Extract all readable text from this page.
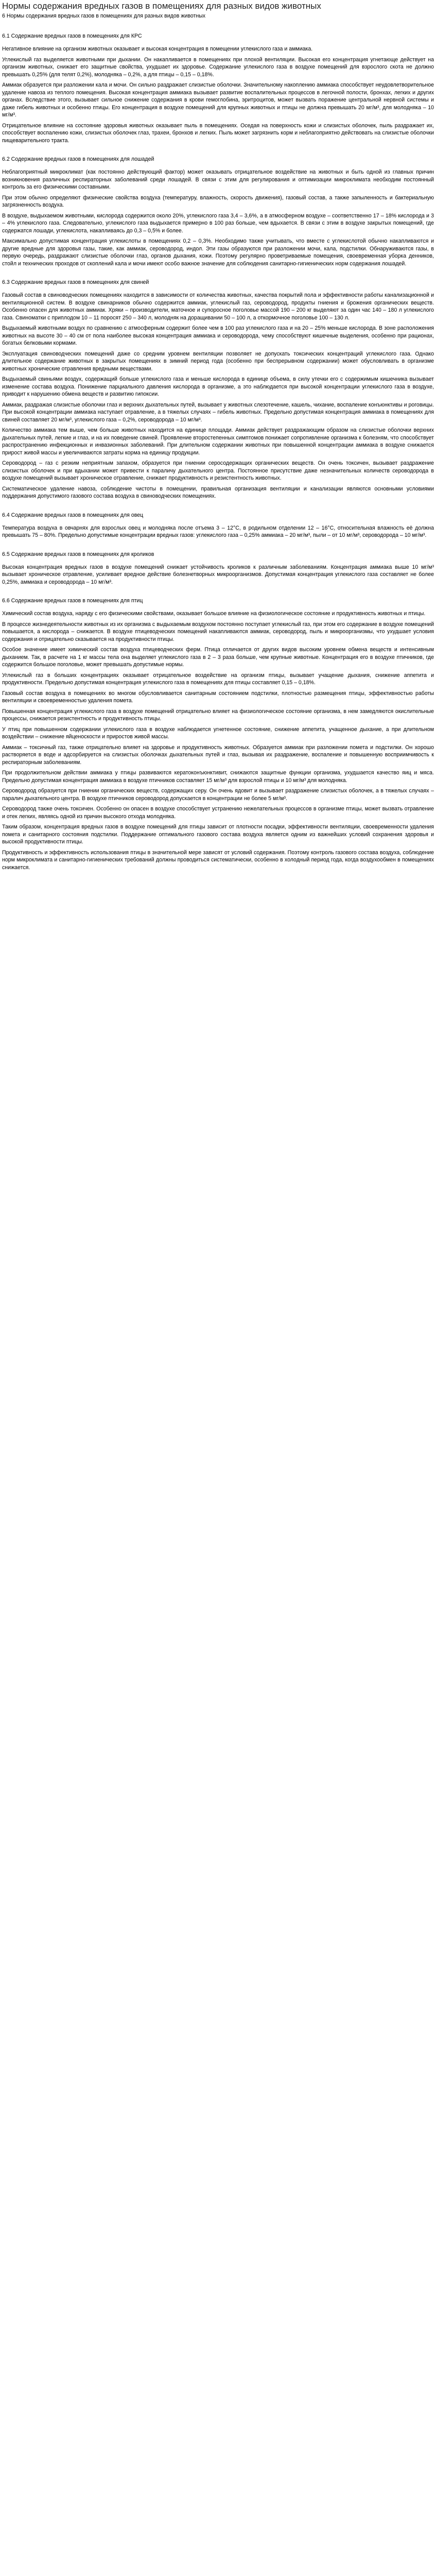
Нормы содержания вредных газов в помещениях для разных видов животных
6 Нормы содержания вредных газов в помещениях для разных видов животных
6.1 Содержание вредных газов в помещениях для КРС

Негативное влияние на организм животных оказывает и высокая концентрация в помещении углекислого газа и аммиака.

Углекислый газ выделяется животными при дыхании. Он накапливается в помещениях при плохой вентиляции. Высокая его концентрация угнетающе действует на организм животных, снижает его защитные свойства, ухудшает их здоровье. Содержание углекислого газа в воздухе помещений для взрослого скота не должно превышать 0,25% (для телят 0,2%), молодняка – 0,2%, а для птицы – 0,15 – 0,18%.

Аммиак образуется при разложении кала и мочи. Он сильно раздражает слизистые оболочки. Значительному накоплению аммиака способствует неудовлетворительное удаление навоза из теплого помещения. Высокая концентрация аммиака вызывает развитие воспалительных процессов в легочной полости, бронхах, легких и других органах. Вследствие этого, вызывает сильное снижение содержания в крови гемоглобина, эритроцитов, может вызвать поражение центральной нервной системы и даже гибель животных и особенно птицы. Его концентрация в воздухе помещений для крупных животных и птицы не должна превышать 20 мг/м³, для молодняка – 10 мг/м³.

Отрицательное влияние на состояние здоровья животных оказывает пыль в помещениях. Оседая на поверхность кожи и слизистых оболочек, пыль раздражает их, способствует воспалению кожи, слизистых оболочек глаз, трахеи, бронхов и легких. Пыль может загрязнить корм и неблагоприятно действовать на слизистые оболочки пищеварительного тракта.

6.2 Содержание вредных газов в помещениях для лошадей

Неблагоприятный микроклимат (как постоянно действующий фактор) может оказывать отрицательное воздействие на животных и быть одной из главных причин возникновения различных респираторных заболеваний среди лошадей. В связи с этим для регулирования и оптимизации микроклимата необходим постоянный контроль за его физическими составными.

При этом обычно определяют физические свойства воздуха (температуру, влажность, скорость движения), газовый состав, а также запыленность и бактериальную загрязненность воздуха.

В воздухе, выдыхаемом животными, кислорода содержится около 20%, углекислого газа 3,4 – 3,6%, а в атмосферном воздухе – соответственно 17 – 18% кислорода и 3 – 4% углекислого газа. Следовательно, углекислого газа выдыхается примерно в 100 раз больше, чем вдыхается. В связи с этим в воздухе закрытых помещений, где содержатся лошади, углекислота, накапливаясь до 0,3 – 0,5% и более.

Максимально допустимая концентрация углекислоты в помещениях 0,2 – 0,3%. Необходимо также учитывать, что вместе с углекислотой обычно накапливаются и другие вредные для здоровья газы, такие, как аммиак, сероводород, индол. Эти газы образуются при разложении мочи, кала, подстилки. Обнаруживаются газы, в первую очередь, раздражают слизистые оболочки глаз, органов дыхания, кожи. Поэтому регулярно проветриваемые помещения, своевременная уборка денников, стойл и технических проходов от скоплений кала и мочи имеют особо важное значение для соблюдения санитарно-гигиенических норм содержания лошадей.

6.3 Содержание вредных газов в помещениях для свиней

Газовый состав в свиноводческих помещениях находится в зависимости от количества животных, качества покрытий пола и эффективности работы канализационной и вентиляционной систем. В воздухе свинарников обычно содержится аммиак, углекислый газ, сероводород, продукты гниения и брожения органических веществ. Особенно опасен для животных аммиак. Хряки – производители, маточное и супоросное поголовье массой 190 – 200 кг выделяют за один час 140 – 180 л углекислого газа. Свиноматки с приплодом 10 – 11 поросят 250 – 340 л, молодняк на доращивании 50 – 100 л, а откормочное поголовье 100 – 130 л.

Выдыхаемый животными воздух по сравнению с атмосферным содержит более чем в 100 раз углекислого газа и на 20 – 25% меньше кислорода. В зоне расположения животных на высоте 30 – 40 см от пола наиболее высокая концентрация аммиака и сероводорода, чему способствуют кишечные выделения, особенно при рационах, богатых белковыми кормами.

Эксплуатация свиноводческих помещений даже со средним уровнем вентиляции позволяет не допускать токсических концентраций углекислого газа. Однако длительное содержание животных в закрытых помещениях в зимний период года (особенно при беспрерывном содержании) может обусловливать в организме животных хронические отравления вредными веществами.

Выдыхаемый свиньями воздух, содержащий больше углекислого газа и меньше кислорода в единице объема, в силу утечки его с содержимым кишечника вызывает изменение состава воздуха. Понижение парциального давления кислорода в организме, а это наблюдается при высокой концентрации углекислого газа в воздухе, приводит к нарушению обмена веществ и развитию гипоксии.

Аммиак, раздражая слизистые оболочки глаз и верхних дыхательных путей, вызывает у животных слезотечение, кашель, чихание, воспаление конъюнктивы и роговицы. При высокой концентрации аммиака наступает отравление, а в тяжелых случаях – гибель животных. Предельно допустимая концентрация аммиака в помещениях для свиней составляет 20 мг/м³, углекислого газа – 0,2%, сероводорода – 10 мг/м³.

Количество аммиака тем выше, чем больше животных находится на единице площади. Аммиак действует раздражающим образом на слизистые оболочки верхних дыхательных путей, легкие и глаз, и на их поведение свиней. Проявление второстепенных симптомов понижает сопротивление организма к болезням, что способствует распространению инфекционных и инвазионных заболеваний. При длительном содержании животных при повышенной концентрации аммиака в воздухе снижается прирост живой массы и увеличиваются затраты корма на единицу продукции.

Сероводород – газ с резким неприятным запахом, образуется при гниении серосодержащих органических веществ. Он очень токсичен, вызывает раздражение слизистых оболочек и при вдыхании может привести к параличу дыхательного центра. Постоянное присутствие даже незначительных количеств сероводорода в воздухе помещений вызывает хроническое отравление, снижает продуктивность и резистентность животных.

Систематическое удаление навоза, соблюдение чистоты в помещении, правильная организация вентиляции и канализации являются основными условиями поддержания допустимого газового состава воздуха в свиноводческих помещениях.

6.4 Содержание вредных газов в помещениях для овец

Температура воздуха в овчарнях для взрослых овец и молодняка после отъема 3 – 12°С, в родильном отделении 12 – 16°С, относительная влажность её должна превышать 75 – 80%. Предельно допустимые концентрации вредных газов: углекислого газа – 0,25% аммиака – 20 мг/м³, пыли – от 10 мг/м³, сероводорода – 10 мг/м³.

6.5 Содержание вредных газов в помещениях для кроликов

Высокая концентрация вредных газов в воздухе помещений снижает устойчивость кроликов к различным заболеваниям. Концентрация аммиака выше 10 мг/м³ вызывает хроническое отравление, усиливает вредное действие болезнетворных микроорганизмов. Допустимая концентрация углекислого газа составляет не более 0,25%, аммиака и сероводорода – 10 мг/м³.

6.6 Содержание вредных газов в помещениях для птиц

Химический состав воздуха, наряду с его физическими свойствами, оказывает большое влияние на физиологическое состояние и продуктивность животных и птицы.

В процессе жизнедеятельности животных из их организма с выдыхаемым воздухом постоянно поступает углекислый газ, при этом его содержание в воздухе помещений повышается, а кислорода – снижается. В воздухе птицеводческих помещений накапливаются аммиак, сероводород, пыль и микроорганизмы, что ухудшает условия содержания и отрицательно сказывается на продуктивности птицы.

Особое значение имеет химический состав воздуха птицеводческих ферм. Птица отличается от других видов высоким уровнем обмена веществ и интенсивным дыханием. Так, в расчете на 1 кг массы тела она выделяет углекислого газа в 2 – 3 раза больше, чем крупные животные. Концентрация его в воздухе птичников, где содержится большое поголовье, может превышать допустимые нормы.

Углекислый газ в больших концентрациях оказывает отрицательное воздействие на организм птицы, вызывает учащение дыхания, снижение аппетита и продуктивности. Предельно допустимая концентрация углекислого газа в помещениях для птицы составляет 0,15 – 0,18%.

Газовый состав воздуха в помещениях во многом обусловливается санитарным состоянием подстилки, плотностью размещения птицы, эффективностью работы вентиляции и своевременностью удаления помета.

Повышенная концентрация углекислого газа в воздухе помещений отрицательно влияет на физиологическое состояние организма, в нем замедляются окислительные процессы, снижается резистентность и продуктивность птицы.

У птиц при повышенном содержании углекислого газа в воздухе наблюдается угнетенное состояние, снижение аппетита, учащенное дыхание, а при длительном воздействии – снижение яйценоскости и приростов живой массы.

Аммиак – токсичный газ, также отрицательно влияет на здоровье и продуктивность животных. Образуется аммиак при разложении помета и подстилки. Он хорошо растворяется в воде и адсорбируется на слизистых оболочках дыхательных путей и глаз, вызывая их раздражение, воспаление и повышенную восприимчивость к респираторным заболеваниям.

При продолжительном действии аммиака у птицы развиваются кератоконъюнктивит, снижаются защитные функции организма, ухудшается качество яиц и мяса. Предельно допустимая концентрация аммиака в воздухе птичников составляет 15 мг/м³ для взрослой птицы и 10 мг/м³ для молодняка.

Сероводород образуется при гниении органических веществ, содержащих серу. Он очень ядовит и вызывает раздражение слизистых оболочек, а в тяжелых случаях – паралич дыхательного центра. В воздухе птичников сероводород допускается в концентрации не более 5 мг/м³.

Сероводород также очень токсичен. Особенно он опасен в воздухе способствует устранению нежелательных процессов в организме птицы, может вызвать отравление и отек легких, являясь одной из причин высокого отхода молодняка.

Таким образом, концентрация вредных газов в воздухе помещений для птицы зависит от плотности посадки, эффективности вентиляции, своевременности удаления помета и санитарного состояния подстилки. Поддержание оптимального газового состава воздуха является одним из важнейших условий сохранения здоровья и высокой продуктивности птицы.

Продуктивность и эффективность использования птицы в значительной мере зависят от условий содержания. Поэтому контроль газового состава воздуха, соблюдение норм микроклимата и санитарно-гигиенических требований должны проводиться систематически, особенно в холодный период года, когда воздухообмен в помещениях снижается.
